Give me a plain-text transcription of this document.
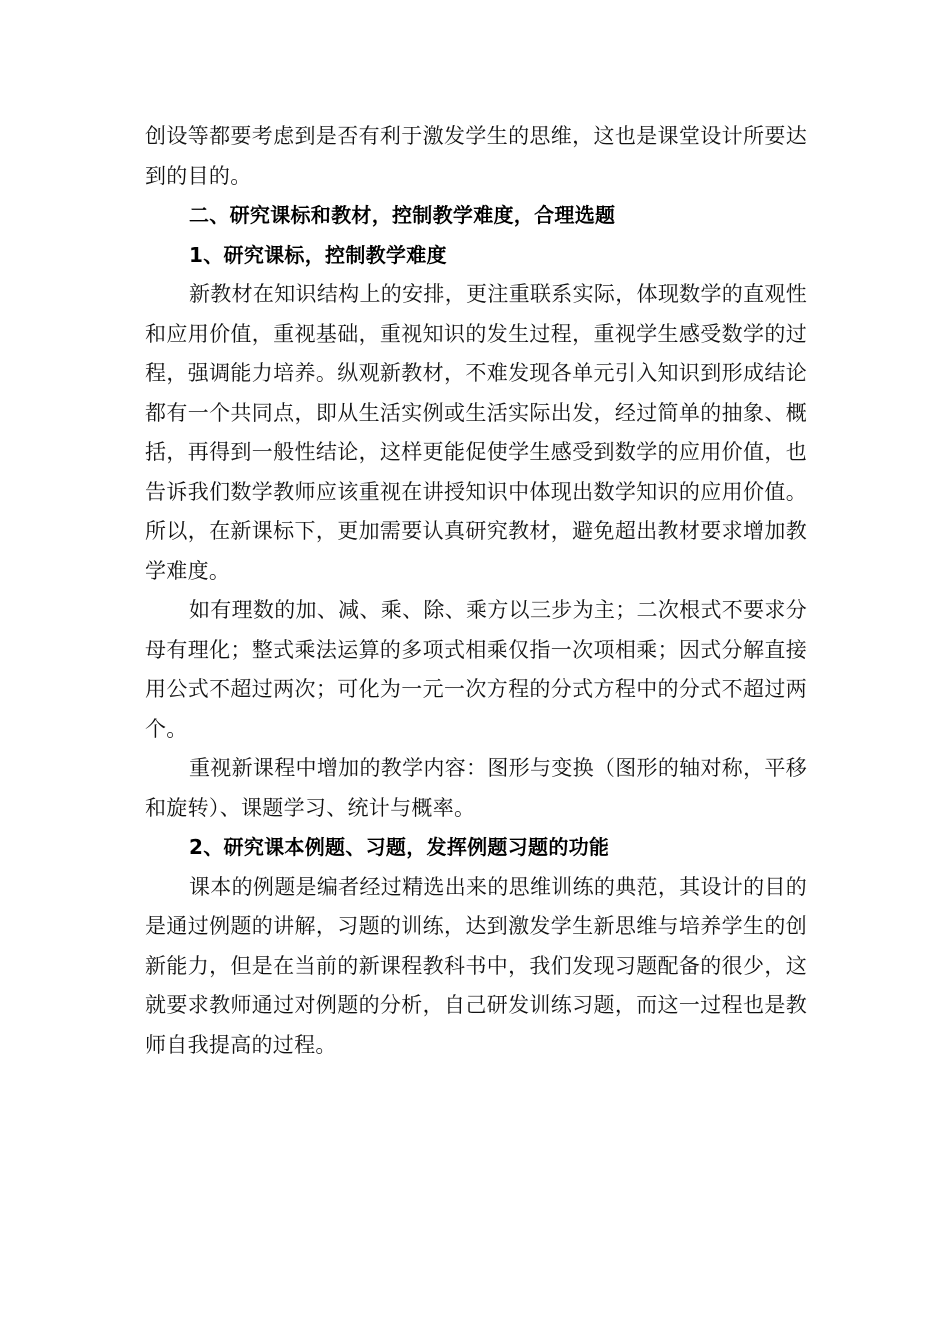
创设等都要考虑到是否有利于激发学生的思维，这也是课堂设计所要达到的目的。

二、研究课标和教材，控制教学难度，合理选题

1、研究课标，控制教学难度

新教材在知识结构上的安排，更注重联系实际，体现数学的直观性和应用价值，重视基础，重视知识的发生过程，重视学生感受数学的过程，强调能力培养。纵观新教材，不难发现各单元引入知识到形成结论都有一个共同点，即从生活实例或生活实际出发，经过简单的抽象、概括，再得到一般性结论，这样更能促使学生感受到数学的应用价值，也告诉我们数学教师应该重视在讲授知识中体现出数学知识的应用价值。所以，在新课标下，更加需要认真研究教材，避免超出教材要求增加教学难度。

如有理数的加、减、乘、除、乘方以三步为主；二次根式不要求分母有理化；整式乘法运算的多项式相乘仅指一次项相乘；因式分解直接用公式不超过两次；可化为一元一次方程的分式方程中的分式不超过两个。

重视新课程中增加的教学内容：图形与变换（图形的轴对称，平移和旋转）、课题学习、统计与概率。

2、研究课本例题、习题，发挥例题习题的功能

课本的例题是编者经过精选出来的思维训练的典范，其设计的目的是通过例题的讲解，习题的训练，达到激发学生新思维与培养学生的创新能力，但是在当前的新课程教科书中，我们发现习题配备的很少，这就要求教师通过对例题的分析，自己研发训练习题，而这一过程也是教师自我提高的过程。
